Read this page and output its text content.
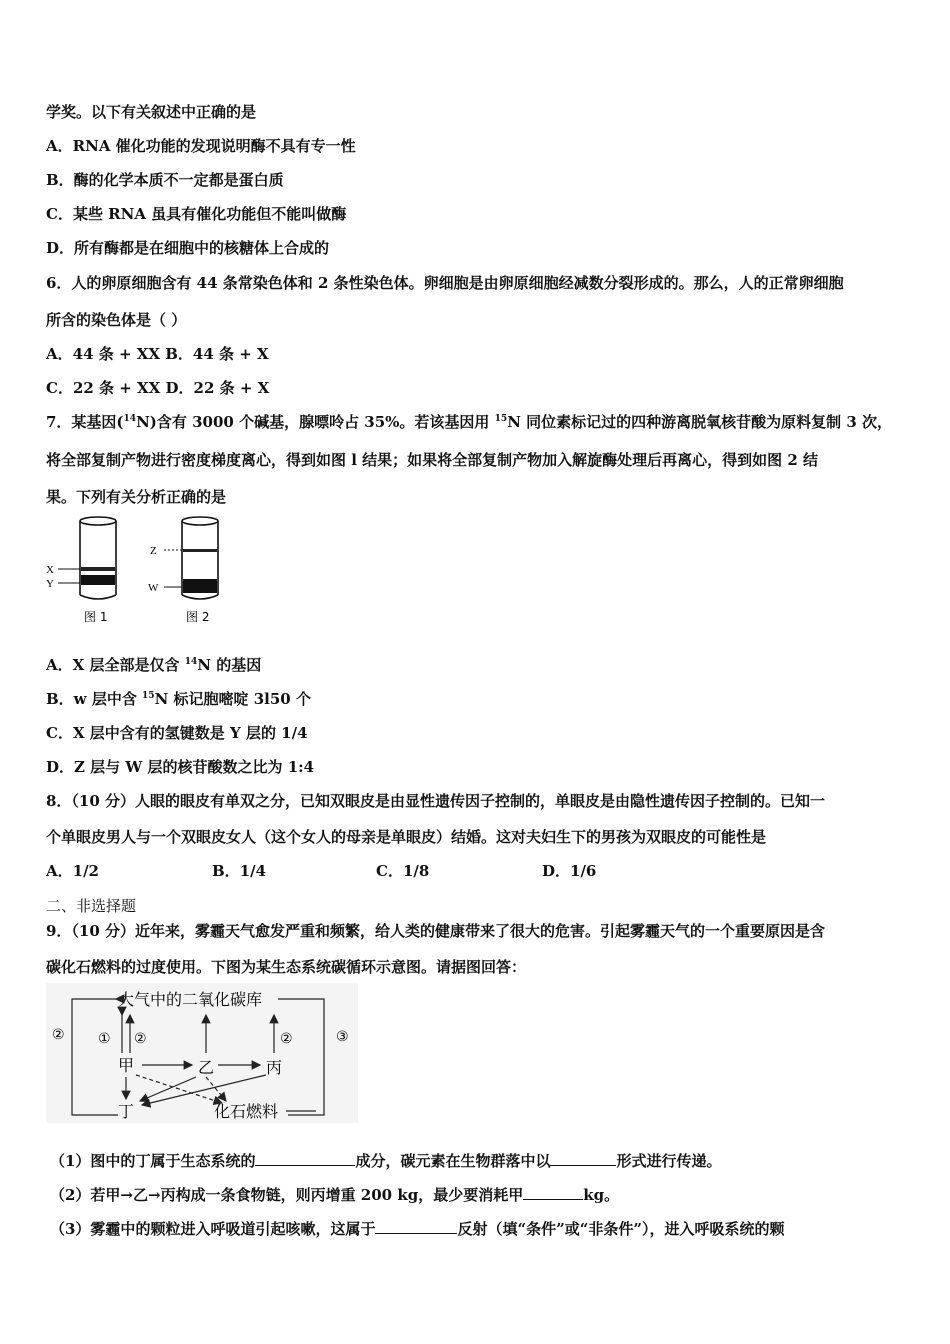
学奖。以下有关叙述中正确的是
A．RNA 催化功能的发现说明酶不具有专一性
B．酶的化学本质不一定都是蛋白质
C．某些 RNA 虽具有催化功能但不能叫做酶
D．所有酶都是在细胞中的核糖体上合成的
6．人的卵原细胞含有 44 条常染色体和 2 条性染色体。卵细胞是由卵原细胞经减数分裂形成的。那么，人的正常卵细胞
所含的染色体是（ ）
A．44 条 + XX B．44 条 + X
C．22 条 + XX D．22 条 + X
7．某基因($^{14}$N)含有 3000 个碱基，腺嘌呤占 35%。若该基因用 $^{15}$N 同位素标记过的四种游离脱氧核苷酸为原料复制 3 次，
将全部复制产物进行密度梯度离心，得到如图 l 结果；如果将全部复制产物加入解旋酶处理后再离心，得到如图 2 结
果。下列有关分析正确的是
X
Y
图 1
Z
W
图 2
A．X 层全部是仅含 $^{14}$N 的基因
B．w 层中含 $^{15}$N 标记胞嘧啶 3l50 个
C．X 层中含有的氢键数是 Y 层的 1/4
D．Z 层与 W 层的核苷酸数之比为 1:4
8．（10 分）人眼的眼皮有单双之分，已知双眼皮是由显性遗传因子控制的，单眼皮是由隐性遗传因子控制的。已知一
个单眼皮男人与一个双眼皮女人（这个女人的母亲是单眼皮）结婚。这对夫妇生下的男孩为双眼皮的可能性是
A．1/2	B．1/4	C．1/8	D．1/6
二、非选择题
9．（10 分）近年来，雾霾天气愈发严重和频繁，给人类的健康带来了很大的危害。引起雾霾天气的一个重要原因是含
碳化石燃料的过度使用。下图为某生态系统碳循环示意图。请据图回答：
大气中的二氧化碳库
②	③
① ②	②
甲	乙	丙
丁	化石燃料
（1）图中的丁属于生态系统的	成分，碳元素在生物群落中以	形式进行传递。
（2）若甲→乙→丙构成一条食物链，则丙增重 200 kg，最少要消耗甲	kg。
（3）雾霾中的颗粒进入呼吸道引起咳嗽，这属于	反射（填“条件”或“非条件”），进入呼吸系统的颗
